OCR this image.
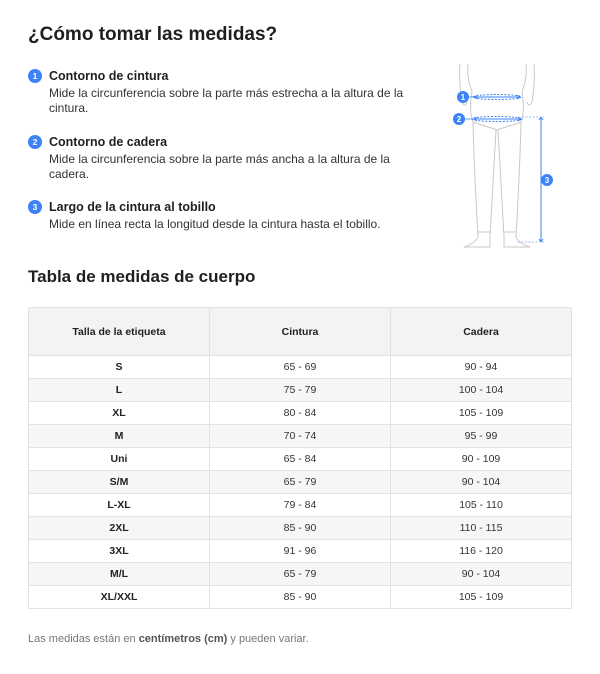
¿Cómo tomar las medidas?
1 Contorno de cintura
Mide la circunferencia sobre la parte más estrecha a la altura de la cintura.
2 Contorno de cadera
Mide la circunferencia sobre la parte más ancha a la altura de la cadera.
3 Largo de la cintura al tobillo
Mide en línea recta la longitud desde la cintura hasta el tobillo.
1
2
3
Tabla de medidas de cuerpo
Talla de la etiqueta	Cintura	Cadera
S	65 - 69	90 - 94
L	75 - 79	100 - 104
XL	80 - 84	105 - 109
M	70 - 74	95 - 99
Uni	65 - 84	90 - 109
S/M	65 - 79	90 - 104
L-XL	79 - 84	105 - 110
2XL	85 - 90	110 - 115
3XL	91 - 96	116 - 120
M/L	65 - 79	90 - 104
XL/XXL	85 - 90	105 - 109
Las medidas están en centímetros (cm) y pueden variar.
